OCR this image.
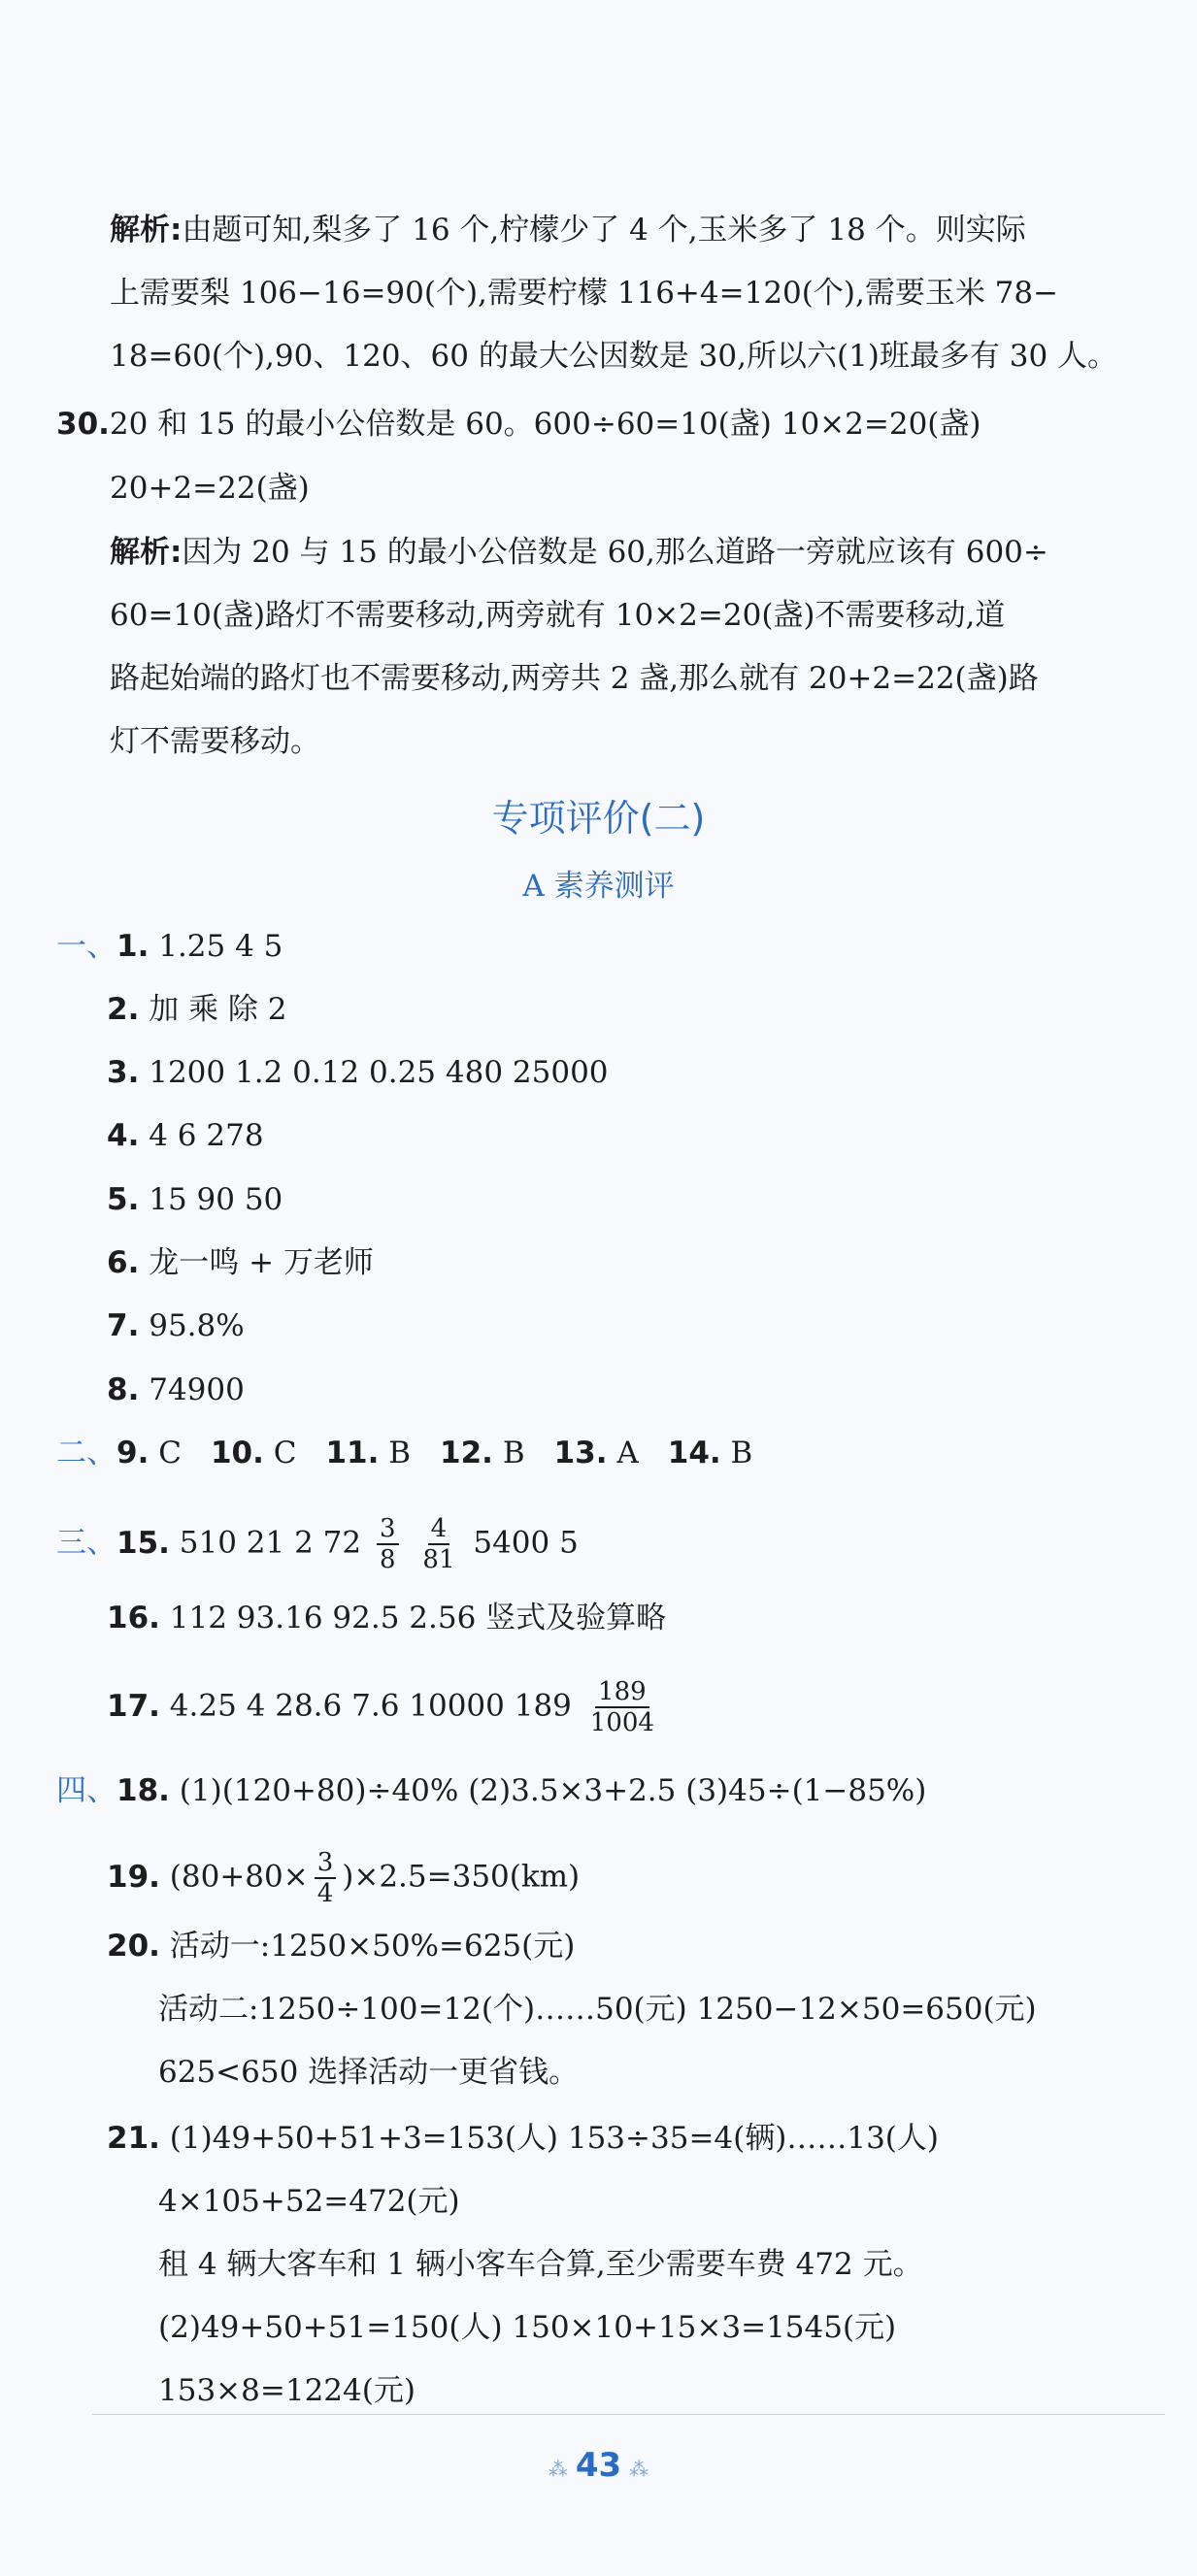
解析:由题可知,梨多了 16 个,柠檬少了 4 个,玉米多了 18 个。则实际
上需要梨 106−16=90(个),需要柠檬 116+4=120(个),需要玉米 78−
18=60(个),90、120、60 的最大公因数是 30,所以六(1)班最多有 30 人。
30.20 和 15 的最小公倍数是 60。600÷60=10(盏) 10×2=20(盏)
20+2=22(盏)
解析:因为 20 与 15 的最小公倍数是 60,那么道路一旁就应该有 600÷
60=10(盏)路灯不需要移动,两旁就有 10×2=20(盏)不需要移动,道
路起始端的路灯也不需要移动,两旁共 2 盏,那么就有 20+2=22(盏)路
灯不需要移动。
专项评价(二)
A 素养测评
一、1. 1.25 4 5
2. 加 乘 除 2
3. 1200 1.2 0.12 0.25 480 25000
4. 4 6 278
5. 15 90 50
6. 龙一鸣 + 万老师
7. 95.8%
8. 74900
二、9. C 10. C 11. B 12. B 13. A 14. B
三、15. 510 21 2 $72 \frac{3}{8}$
$\frac{4}{81} 5400$ 5
16. 112 93.16 92.5 2.56 竖式及验算略
17. 4.25 4 28.6 7.6 10000 $189 \frac{189}{1004}$
四、18. (1)(120+80)÷40% (2)3.5×3+2.5 (3)45÷(1−85%)
19. $(80+80\times \frac{3}{4} )\times 2.5=350(km)$
20. 活动一:1250×50%=625(元)
活动二:1250÷100=12(个)……50(元) 1250−12×50=650(元)
625<650 选择活动一更省钱。
21. (1)49+50+51+3=153(人) 153÷35=4(辆)……13(人)
4×105+52=472(元)
租 4 辆大客车和 1 辆小客车合算,至少需要车费 472 元。
(2)49+50+51=150(人) 150×10+15×3=1545(元)
153×8=1224(元)
⁂ 43 ⁂
